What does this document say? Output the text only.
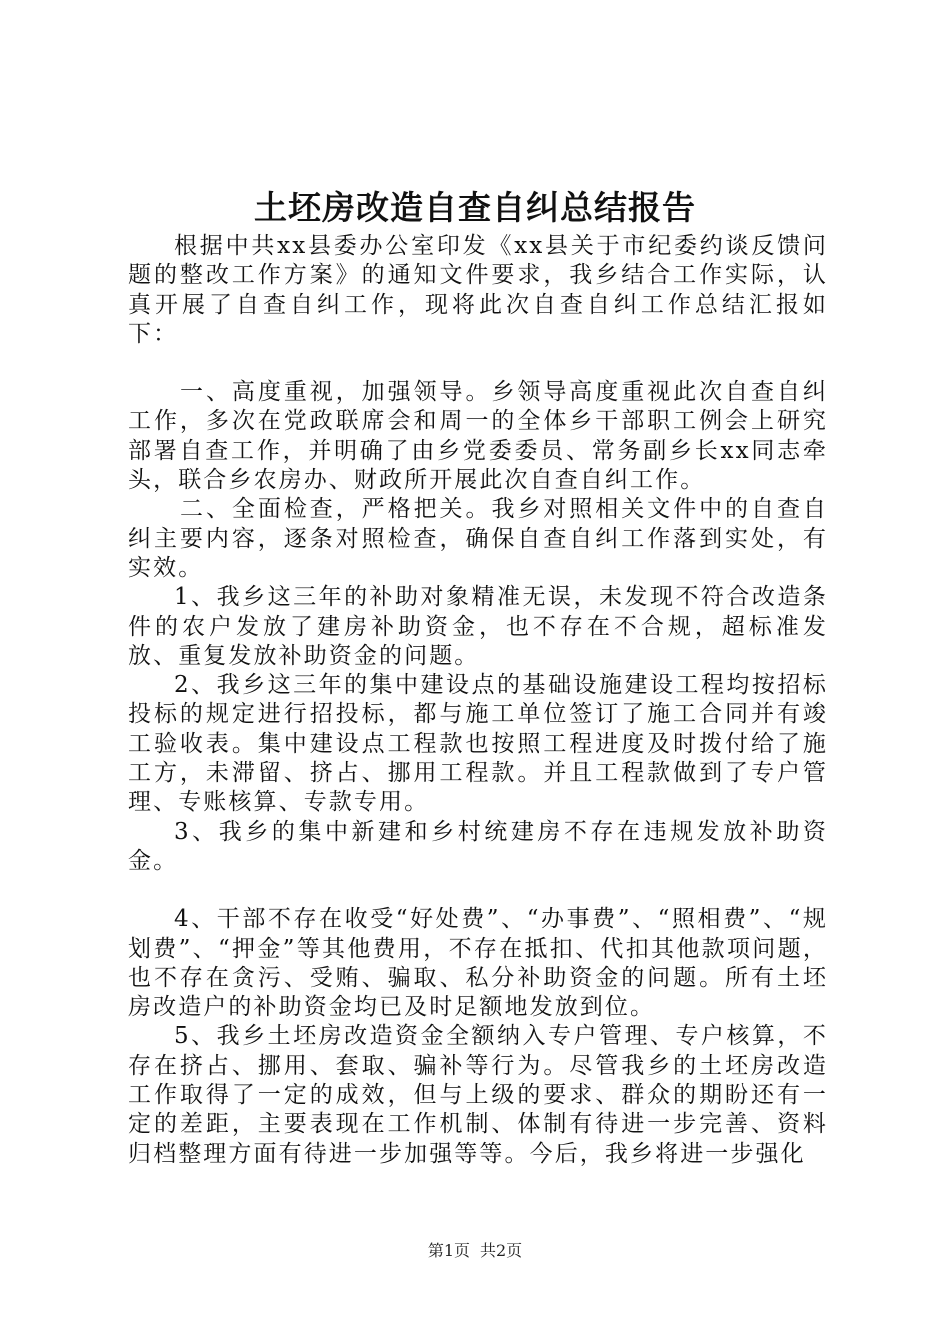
土坯房改造自查自纠总结报告

根据中共xx县委办公室印发《xx县关于市纪委约谈反馈问题的整改工作方案》的通知文件要求，我乡结合工作实际，认真开展了自查自纠工作，现将此次自查自纠工作总结汇报如下：

一、高度重视，加强领导。乡领导高度重视此次自查自纠工作，多次在党政联席会和周一的全体乡干部职工例会上研究部署自查工作，并明确了由乡党委委员、常务副乡长xx同志牵头，联合乡农房办、财政所开展此次自查自纠工作。

二、全面检查，严格把关。我乡对照相关文件中的自查自纠主要内容，逐条对照检查，确保自查自纠工作落到实处，有实效。

1、我乡这三年的补助对象精准无误，未发现不符合改造条件的农户发放了建房补助资金，也不存在不合规，超标准发放、重复发放补助资金的问题。

2、我乡这三年的集中建设点的基础设施建设工程均按招标投标的规定进行招投标，都与施工单位签订了施工合同并有竣工验收表。集中建设点工程款也按照工程进度及时拨付给了施工方，未滞留、挤占、挪用工程款。并且工程款做到了专户管理、专账核算、专款专用。

3、我乡的集中新建和乡村统建房不存在违规发放补助资金。

4、干部不存在收受“好处费”、“办事费”、“照相费”、“规划费”、“押金”等其他费用，不存在抵扣、代扣其他款项问题，也不存在贪污、受贿、骗取、私分补助资金的问题。所有土坯房改造户的补助资金均已及时足额地发放到位。

5、我乡土坯房改造资金全额纳入专户管理、专户核算，不存在挤占、挪用、套取、骗补等行为。尽管我乡的土坯房改造工作取得了一定的成效，但与上级的要求、群众的期盼还有一定的差距，主要表现在工作机制、体制有待进一步完善、资料归档整理方面有待进一步加强等等。今后，我乡将进一步强化

第1页 共2页
